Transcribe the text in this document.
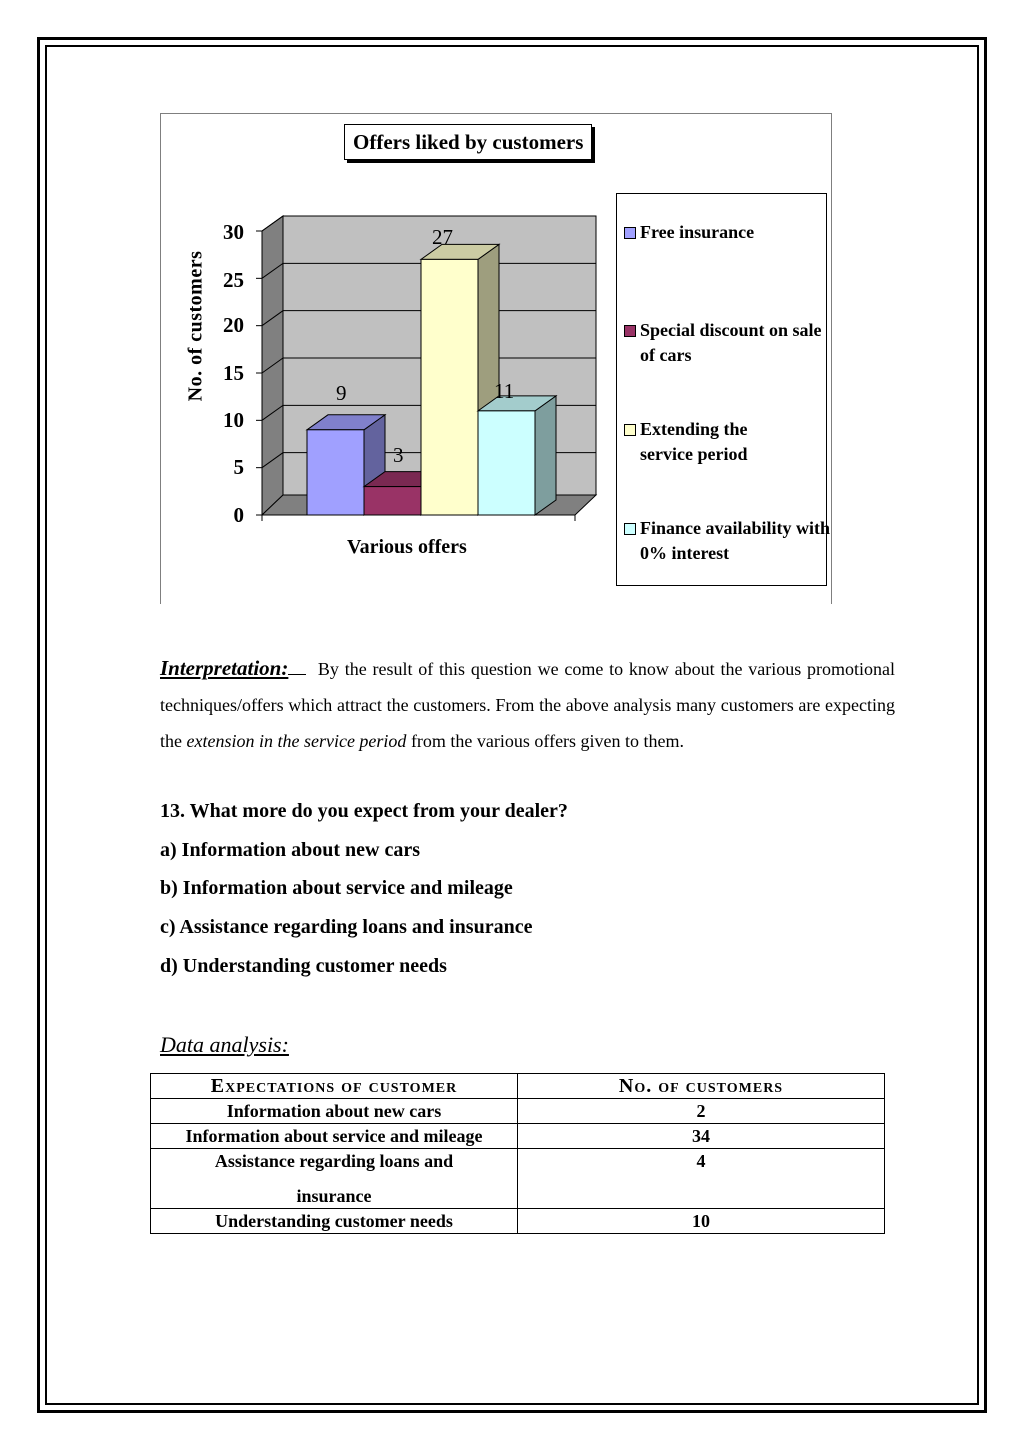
Offers liked by customers
No. of customers
30
25
20
15
10
5
0
9
3
27
11
Various offers
Free insurance
Special discount on sale of cars
Extending the service period
Finance availability with 0% interest
Interpretation: By the result of this question we come to know about the various promotional techniques/offers which attract the customers. From the above analysis many customers are expecting the extension in the service period from the various offers given to them.
13. What more do you expect from your dealer?
a) Information about new cars
b) Information about service and mileage
c) Assistance regarding loans and insurance
d) Understanding customer needs
Data analysis:
Expectations of customer	No. of customers
Information about new cars	2
Information about service and mileage	34

Assistance regarding loans and
insurance	4
Understanding customer needs	10
